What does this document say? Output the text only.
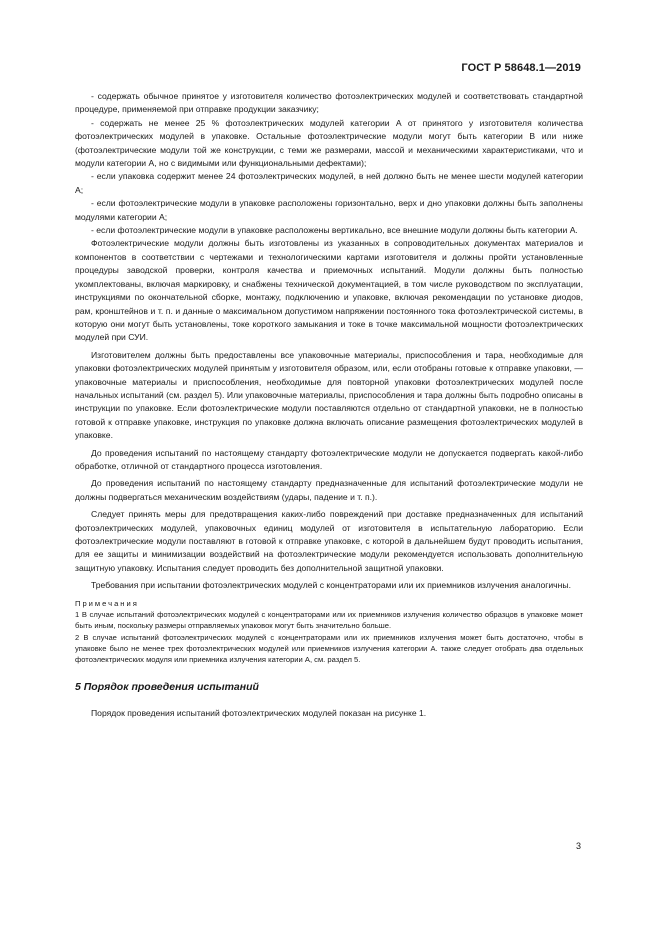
ГОСТ Р 58648.1—2019

- содержать обычное принятое у изготовителя количество фотоэлектрических модулей и соответствовать стандартной процедуре, применяемой при отправке продукции заказчику;

- содержать не менее 25 % фотоэлектрических модулей категории А от принятого у изготовителя количества фотоэлектрических модулей в упаковке. Остальные фотоэлектрические модули могут быть категории В или ниже (фотоэлектрические модули той же конструкции, с теми же размерами, массой и механическими характеристиками, что и модули категории А, но с видимыми или функциональными дефектами);

- если упаковка содержит менее 24 фотоэлектрических модулей, в ней должно быть не менее шести модулей категории А;

- если фотоэлектрические модули в упаковке расположены горизонтально, верх и дно упаковки должны быть заполнены модулями категории А;

- если фотоэлектрические модули в упаковке расположены вертикально, все внешние модули должны быть категории А.

Фотоэлектрические модули должны быть изготовлены из указанных в сопроводительных документах материалов и компонентов в соответствии с чертежами и технологическими картами изготовителя и должны пройти установленные процедуры заводской проверки, контроля качества и приемочных испытаний. Модули должны быть полностью укомплектованы, включая маркировку, и снабжены технической документацией, в том числе руководством по эксплуатации, инструкциями по окончательной сборке, монтажу, подключению и упаковке, включая рекомендации по установке диодов, рам, кронштейнов и т. п. и данные о максимальном допустимом напряжении постоянного тока фотоэлектрической системы, в которую они могут быть установлены, токе короткого замыкания и токе в точке максимальной мощности фотоэлектрических модулей при СУИ.

Изготовителем должны быть предоставлены все упаковочные материалы, приспособления и тара, необходимые для упаковки фотоэлектрических модулей принятым у изготовителя образом, или, если отобраны готовые к отправке упаковки, — упаковочные материалы и приспособления, необходимые для повторной упаковки фотоэлектрических модулей после начальных испытаний (см. раздел 5). Или упаковочные материалы, приспособления и тара должны быть подробно описаны в инструкции по упаковке. Если фотоэлектрические модули поставляются отдельно от стандартной упаковки, не в полностью готовой к отправке упаковке, инструкция по упаковке должна включать описание размещения фотоэлектрических модулей в упаковке.

До проведения испытаний по настоящему стандарту фотоэлектрические модули не допускается подвергать какой-либо обработке, отличной от стандартного процесса изготовления.

До проведения испытаний по настоящему стандарту предназначенные для испытаний фотоэлектрические модули не должны подвергаться механическим воздействиям (удары, падение и т. п.).

Следует принять меры для предотвращения каких-либо повреждений при доставке предназначенных для испытаний фотоэлектрических модулей, упаковочных единиц модулей от изготовителя в испытательную лабораторию. Если фотоэлектрические модули поставляют в готовой к отправке упаковке, с которой в дальнейшем будут проводить испытания, для ее защиты и минимизации воздействий на фотоэлектрические модули рекомендуется использовать дополнительную защитную упаковку. Испытания следует проводить без дополнительной защитной упаковки.

Требования при испытании фотоэлектрических модулей с концентраторами или их приемников излучения аналогичны.

Примечания

1 В случае испытаний фотоэлектрических модулей с концентраторами или их приемников излучения количество образцов в упаковке может быть иным, поскольку размеры отправляемых упаковок могут быть значительно больше.

2 В случае испытаний фотоэлектрических модулей с концентраторами или их приемников излучения может быть достаточно, чтобы в упаковке было не менее трех фотоэлектрических модулей или приемников излучения категории А. также следует отобрать два отдельных фотоэлектрических модуля или приемника излучения категории А, см. раздел 5.

5 Порядок проведения испытаний

Порядок проведения испытаний фотоэлектрических модулей показан на рисунке 1.

3
